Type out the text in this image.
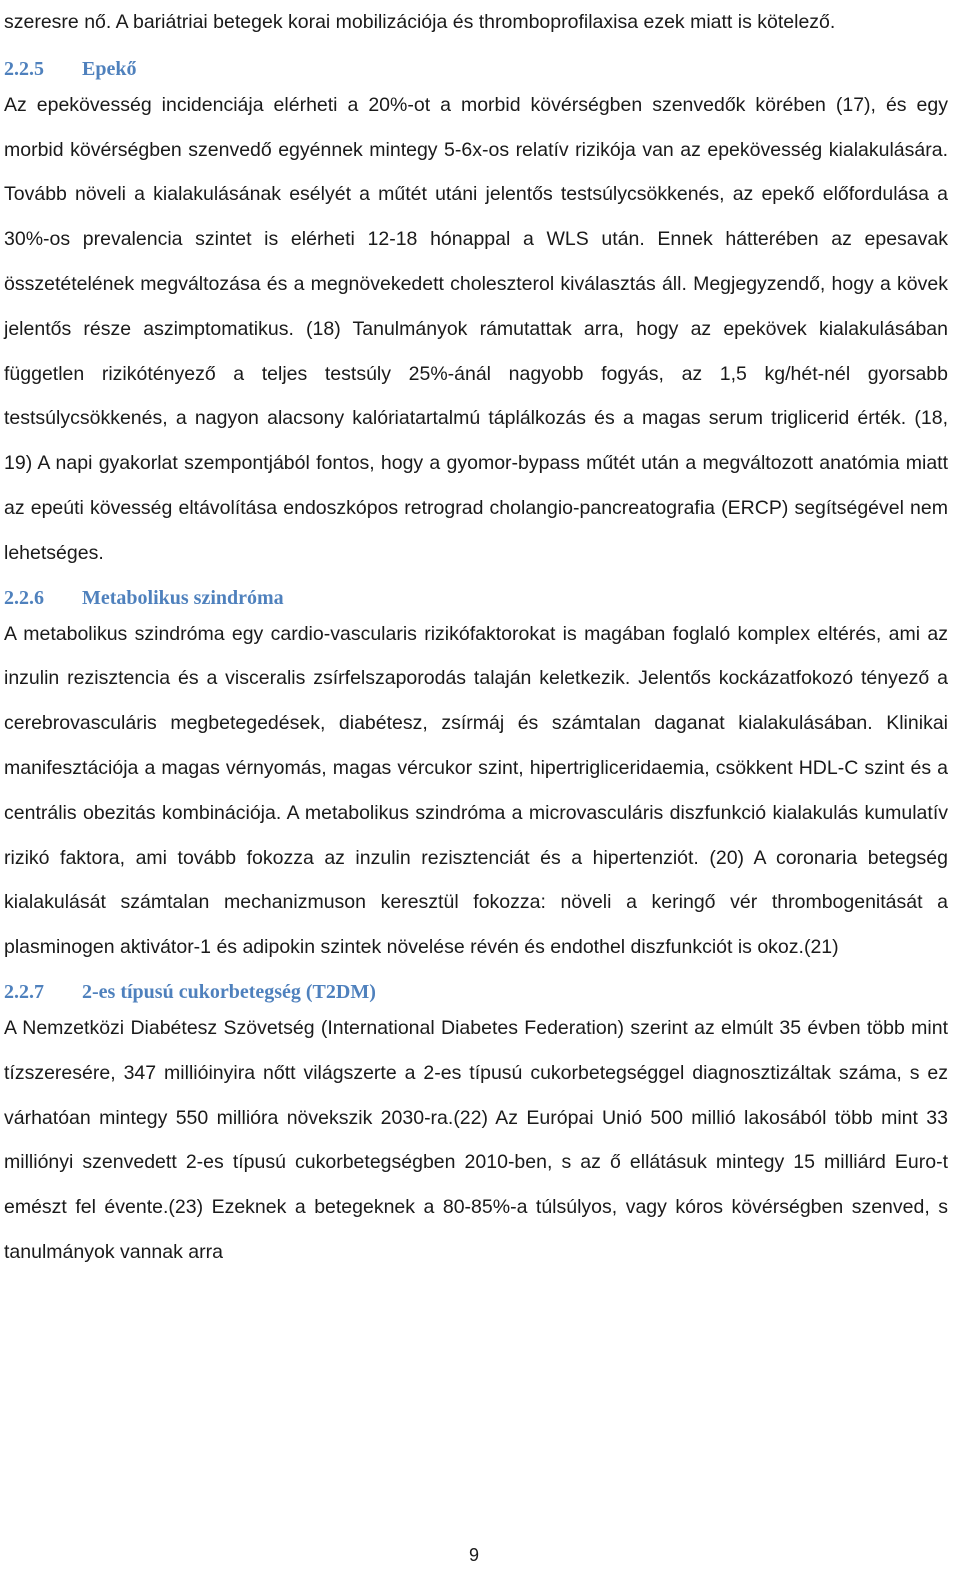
szeresre nő. A bariátriai betegek korai mobilizációja és thromboprofilaxisa ezek miatt is kötelező.

2.2.5 Epekő

Az epekövesség incidenciája elérheti a 20%-ot a morbid kövérségben szenvedők körében (17), és egy morbid kövérségben szenvedő egyénnek mintegy 5-6x-os relatív rizikója van az epekövesség kialakulására. Tovább növeli a kialakulásának esélyét a műtét utáni jelentős testsúlycsökkenés, az epekő előfordulása a 30%-os prevalencia szintet is elérheti 12-18 hónappal a WLS után. Ennek hátterében az epesavak összetételének megváltozása és a megnövekedett choleszterol kiválasztás áll. Megjegyzendő, hogy a kövek jelentős része aszimptomatikus. (18) Tanulmányok rámutattak arra, hogy az epekövek kialakulásában független rizikótényező a teljes testsúly 25%-ánál nagyobb fogyás, az 1,5 kg/hét-nél gyorsabb testsúlycsökkenés, a nagyon alacsony kalóriatartalmú táplálkozás és a magas serum triglicerid érték. (18, 19) A napi gyakorlat szempontjából fontos, hogy a gyomor-bypass műtét után a megváltozott anatómia miatt az epeúti kövesség eltávolítása endoszkópos retrograd cholangio-pancreatografia (ERCP) segítségével nem lehetséges.

2.2.6 Metabolikus szindróma

A metabolikus szindróma egy cardio-vascularis rizikófaktorokat is magában foglaló komplex eltérés, ami az inzulin rezisztencia és a visceralis zsírfelszaporodás talaján keletkezik. Jelentős kockázatfokozó tényező a cerebrovasculáris megbetegedések, diabétesz, zsírmáj és számtalan daganat kialakulásában. Klinikai manifesztációja a magas vérnyomás, magas vércukor szint, hipertrigliceridaemia, csökkent HDL-C szint és a centrális obezitás kombinációja. A metabolikus szindróma a microvasculáris diszfunkció kialakulás kumulatív rizikó faktora, ami tovább fokozza az inzulin rezisztenciát és a hipertenziót. (20) A coronaria betegség kialakulását számtalan mechanizmuson keresztül fokozza: növeli a keringő vér thrombogenitását a plasminogen aktivátor-1 és adipokin szintek növelése révén és endothel diszfunkciót is okoz.(21)

2.2.7 2-es típusú cukorbetegség (T2DM)

A Nemzetközi Diabétesz Szövetség (International Diabetes Federation) szerint az elmúlt 35 évben több mint tízszeresére, 347 millióinyira nőtt világszerte a 2-es típusú cukorbetegséggel diagnosztizáltak száma, s ez várhatóan mintegy 550 millióra növekszik 2030-ra.(22) Az Európai Unió 500 millió lakosából több mint 33 milliónyi szenvedett 2-es típusú cukorbetegségben 2010-ben, s az ő ellátásuk mintegy 15 milliárd Euro-t emészt fel évente.(23) Ezeknek a betegeknek a 80-85%-a túlsúlyos, vagy kóros kövérségben szenved, s tanulmányok vannak arra

9
